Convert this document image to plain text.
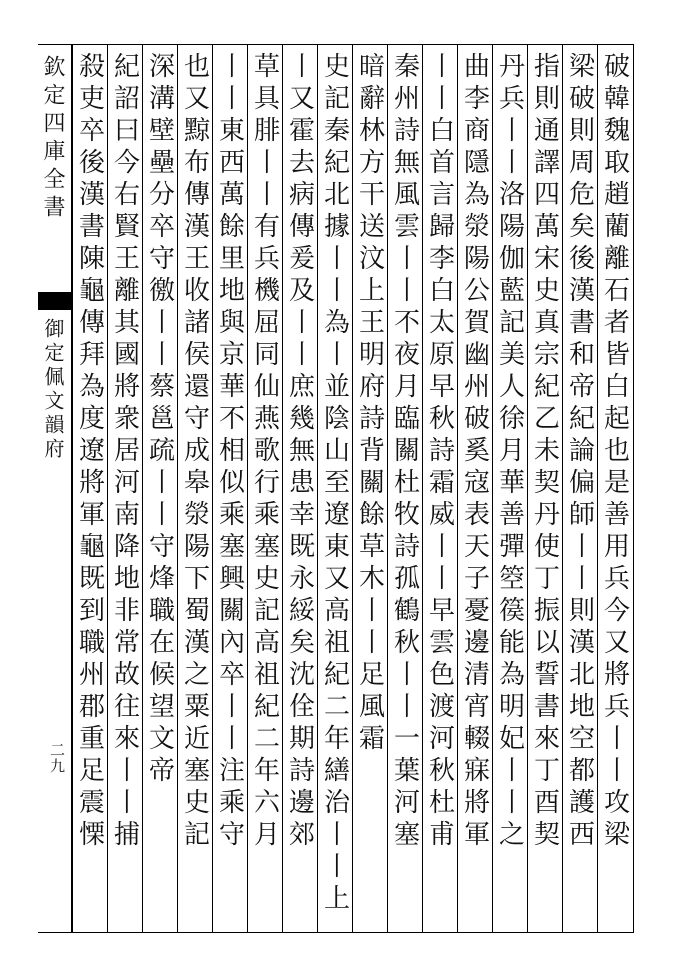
欽定四庫全書
御定佩文韻府
二九	破韓魏取趙藺離石者皆白起也是善用兵今又將兵丨丨攻梁
梁破則周危矣後漢書和帝紀論偏師丨丨則漢北地空都護西
指則通譯四萬宋史真宗紀乙未契丹使丁振以誓書來丁酉契
丹兵丨丨洛陽伽藍記美人徐月華善彈箜篌能為明妃丨丨之
曲李商隱為滎陽公賀幽州破奚寇表天子憂邊清宵輟寐將軍
丨丨白首言歸李白太原早秋詩霜威丨丨早雲色渡河秋杜甫
秦州詩無風雲丨丨不夜月臨關杜牧詩孤鶴秋丨丨一葉河塞
暗辭林方干送汶上王明府詩背關餘草木丨丨足風霜
史記秦紀北據丨丨為丨並陰山至遼東又高祖紀二年繕治丨丨上
丨又霍去病傳爰及丨丨庶幾無患幸既永綏矣沈佺期詩邊郊
草具腓丨丨有兵機屈同仙燕歌行乘塞史記高祖紀二年六月
丨丨東西萬餘里地與京華不相似乘塞興關內卒丨丨注乘守
也又黥布傳漢王收諸侯還守成皋滎陽下蜀漢之粟近塞史記
深溝壁壘分卒守徼丨丨蔡邕疏丨丨守烽職在候望文帝
紀詔曰今右賢王離其國將衆居河南降地非常故往來丨丨捕
殺吏卒後漢書陳龜傳拜為度遼將軍龜既到職州郡重足震慄
